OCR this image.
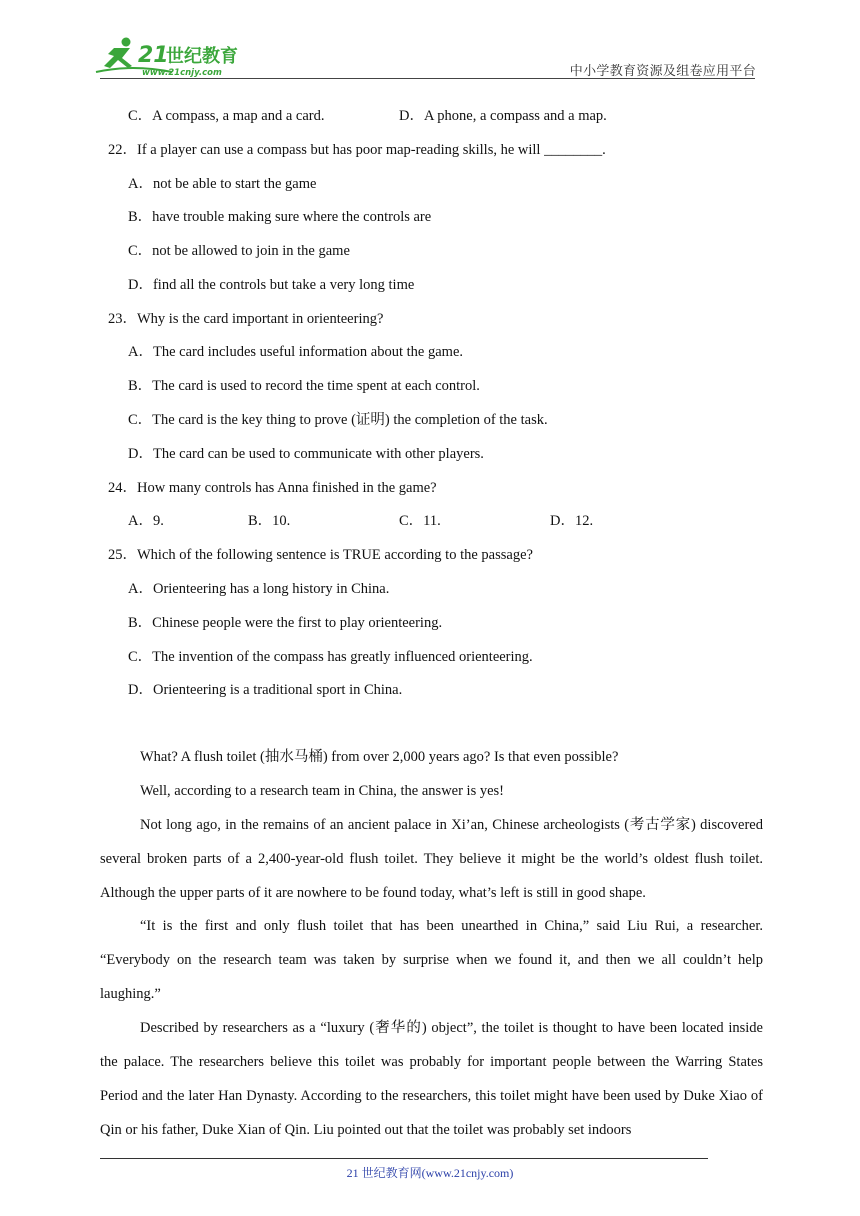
21
世纪教育
www.21cnjy.com	中小学教育资源及组卷应用平台
C．A compass, a map and a card.	D．A phone, a compass and a map.
22．If a player can use a compass but has poor map-reading skills, he will ________.
A．not be able to start the game
B．have trouble making sure where the controls are
C．not be allowed to join in the game
D．find all the controls but take a very long time
23．Why is the card important in orienteering?
A．The card includes useful information about the game.
B．The card is used to record the time spent at each control.
C．The card is the key thing to prove (证明) the completion of the task.
D．The card can be used to communicate with other players.
24．How many controls has Anna finished in the game?
A．9.	B．10.	C．11.	D．12.
25．Which of the following sentence is TRUE according to the passage?
A．Orienteering has a long history in China.
B．Chinese people were the first to play orienteering.
C．The invention of the compass has greatly influenced orienteering.
D．Orienteering is a traditional sport in China.
What? A flush toilet (抽水马桶) from over 2,000 years ago? Is that even possible?
Well, according to a research team in China, the answer is yes!
Not long ago, in the remains of an ancient palace in Xi’an, Chinese archeologists (考古学家) discovered several broken parts of a 2,400-year-old flush toilet. They believe it might be the world’s oldest flush toilet. Although the upper parts of it are nowhere to be found today, what’s left is still in good shape.
“It is the first and only flush toilet that has been unearthed in China,” said Liu Rui, a researcher. “Everybody on the research team was taken by surprise when we found it, and then we all couldn’t help laughing.”
Described by researchers as a “luxury (奢华的) object”, the toilet is thought to have been located inside the palace. The researchers believe this toilet was probably for important people between the Warring States Period and the later Han Dynasty. According to the researchers, this toilet might have been used by Duke Xiao of Qin or his father, Duke Xian of Qin. Liu pointed out that the toilet was probably set indoors
21 世纪教育网(www.21cnjy.com)
